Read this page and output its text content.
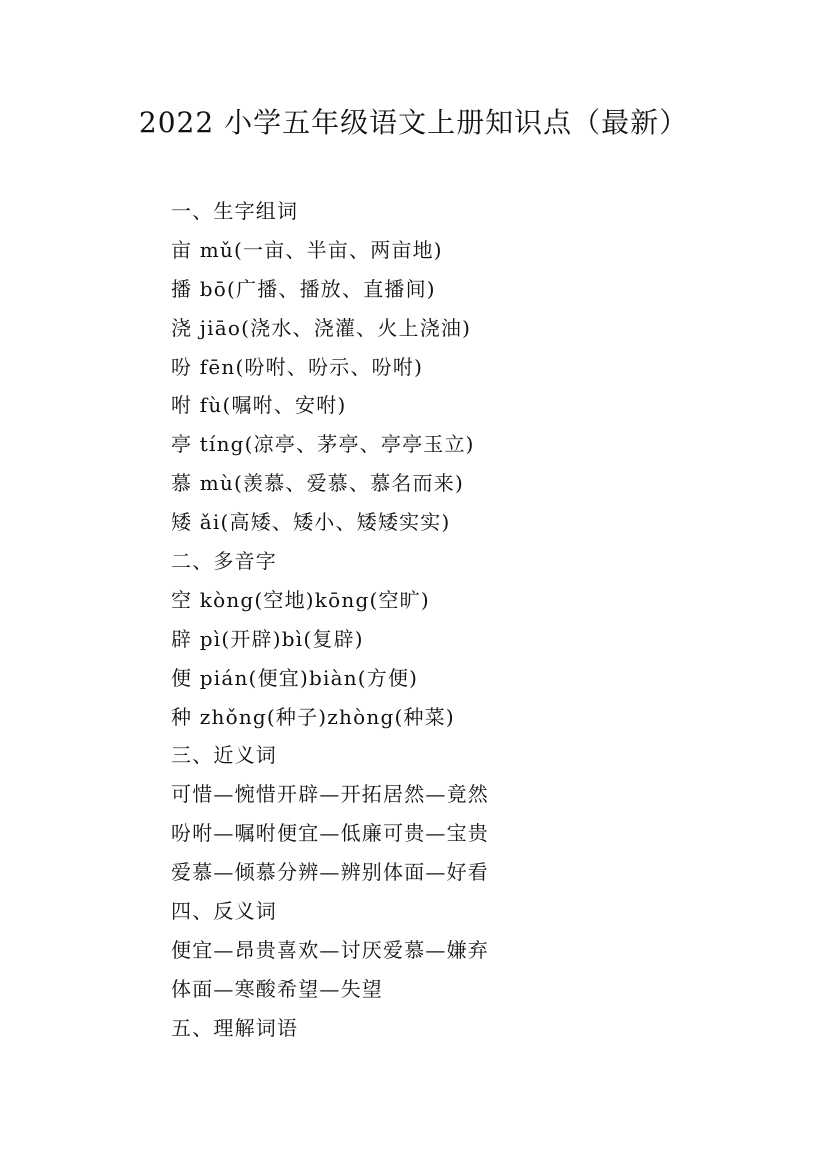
2022 小学五年级语文上册知识点（最新）
一、生字组词
亩 mǔ(一亩、半亩、两亩地)
播 bō(广播、播放、直播间)
浇 jiāo(浇水、浇灌、火上浇油)
吩 fēn(吩咐、吩示、吩咐)
咐 fù(嘱咐、安咐)
亭 tíng(凉亭、茅亭、亭亭玉立)
慕 mù(羡慕、爱慕、慕名而来)
矮 ǎi(高矮、矮小、矮矮实实)
二、多音字
空 kòng(空地)kōng(空旷)
辟 pì(开辟)bì(复辟)
便 pián(便宜)biàn(方便)
种 zhǒng(种子)zhòng(种菜)
三、近义词
可惜—惋惜开辟—开拓居然—竟然
吩咐—嘱咐便宜—低廉可贵—宝贵
爱慕—倾慕分辨—辨别体面—好看
四、反义词
便宜—昂贵喜欢—讨厌爱慕—嫌弃
体面—寒酸希望—失望
五、理解词语
